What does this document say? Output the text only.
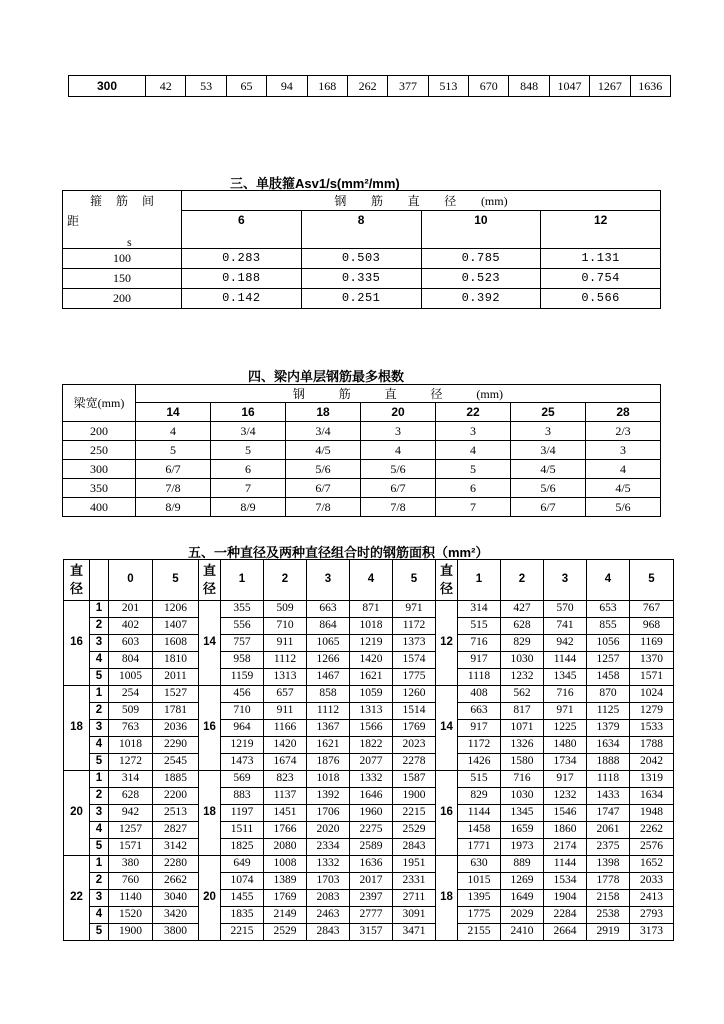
300	42	53	65	94	168	262	377	513	670	848	1047	1267	1636
三、单肢箍Asv1/s(mm²/mm)
箍 筋 间	钢 筋 直 径 (mm)			

距
s	6	8	10	12
100	0.283	0.503	0.785	1.131
150	0.188	0.335	0.523	0.754
200	0.142	0.251	0.392	0.566
四、梁内单层钢筋最多根数
梁宽(mm)	钢 筋 直 径 (mm)						

	14	16	18	20	22	25	28
200	4	3/4	3/4	3	3	3	2/3
250	5	5	4/5	4	4	3/4	3
300	6/7	6	5/6	5/6	5	4/5	4
350	7/8	7	6/7	6/7	6	5/6	4/5
400	8/9	8/9	7/8	7/8	7	6/7	5/6
五、一种直径及两种直径组合时的钢筋面积（mm²）
直径		0	5	直径	1	2	3	4	5	直径	1	2	3	4	5
16	1	201	1206	14	355	509	663	871	971	12	314	427	570	653	767
	2	402	1407		556	710	864	1018	1172		515	628	741	855	968
	3	603	1608		757	911	1065	1219	1373		716	829	942	1056	1169
	4	804	1810		958	1112	1266	1420	1574		917	1030	1144	1257	1370
	5	1005	2011		1159	1313	1467	1621	1775		1118	1232	1345	1458	1571
18	1	254	1527	16	456	657	858	1059	1260	14	408	562	716	870	1024
	2	509	1781		710	911	1112	1313	1514		663	817	971	1125	1279
	3	763	2036		964	1166	1367	1566	1769		917	1071	1225	1379	1533
	4	1018	2290		1219	1420	1621	1822	2023		1172	1326	1480	1634	1788
	5	1272	2545		1473	1674	1876	2077	2278		1426	1580	1734	1888	2042
20	1	314	1885	18	569	823	1018	1332	1587	16	515	716	917	1118	1319
	2	628	2200		883	1137	1392	1646	1900		829	1030	1232	1433	1634
	3	942	2513		1197	1451	1706	1960	2215		1144	1345	1546	1747	1948
	4	1257	2827		1511	1766	2020	2275	2529		1458	1659	1860	2061	2262
	5	1571	3142		1825	2080	2334	2589	2843		1771	1973	2174	2375	2576
22	1	380	2280	20	649	1008	1332	1636	1951	18	630	889	1144	1398	1652
	2	760	2662		1074	1389	1703	2017	2331		1015	1269	1534	1778	2033
	3	1140	3040		1455	1769	2083	2397	2711		1395	1649	1904	2158	2413
	4	1520	3420		1835	2149	2463	2777	3091		1775	2029	2284	2538	2793
	5	1900	3800		2215	2529	2843	3157	3471		2155	2410	2664	2919	3173
